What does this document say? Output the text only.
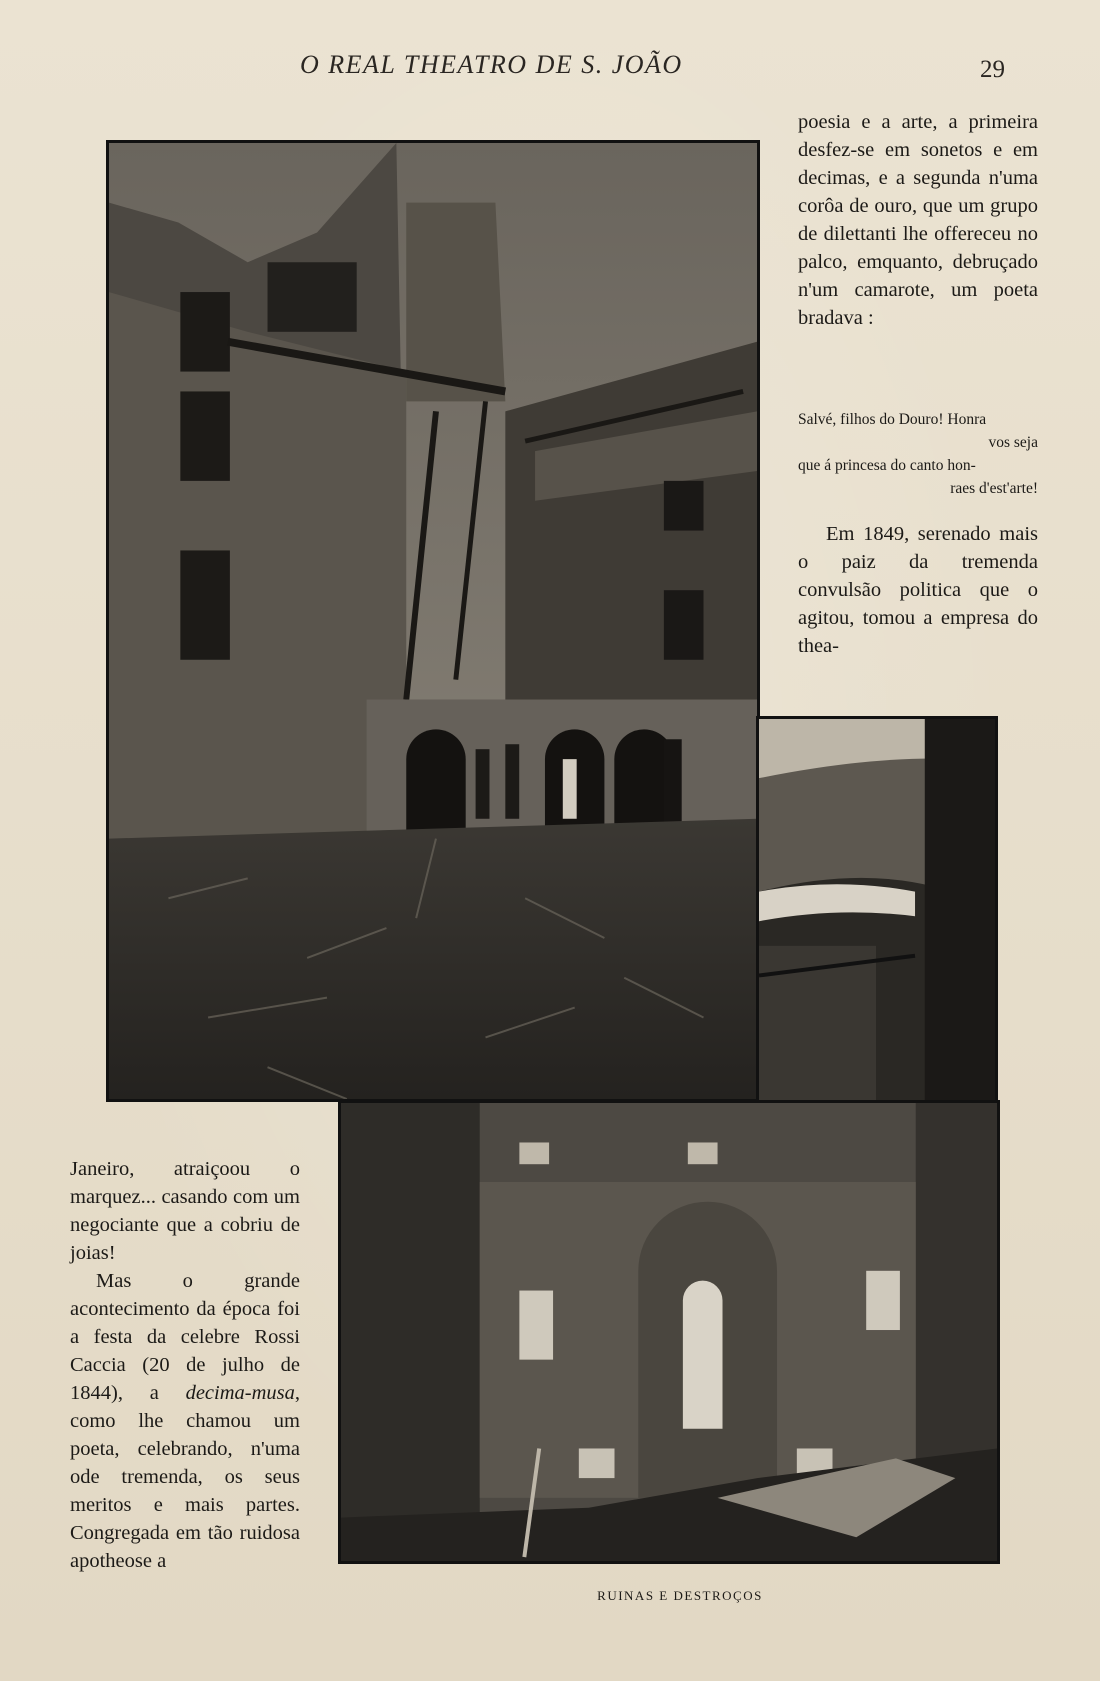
O REAL THEATRO DE S. JOÃO	29
poesia e a arte, a primeira desfez-se em sonetos e em decimas, e a segunda n'uma corôa de ouro, que um grupo de dilettanti lhe offereceu no palco, emquanto, debruçado n'um camarote, um poeta bradava :
Salvé, filhos do Douro! Honra
vos seja
que á princesa do canto hon-
raes d'est'arte!
Em 1849, serenado mais o paiz da tremenda convulsão politica que o agitou, tomou a empresa do thea-

Janeiro, atraiçoou o marquez... casando com um negociante que a cobriu de joias!

Mas o grande acontecimento da época foi a festa da celebre Rossi Caccia (20 de julho de 1844), a decima-musa, como lhe chamou um poeta, celebrando, n'uma ode tremenda, os seus meritos e mais partes. Congregada em tão ruidosa apotheose a

RUINAS E DESTROÇOS
